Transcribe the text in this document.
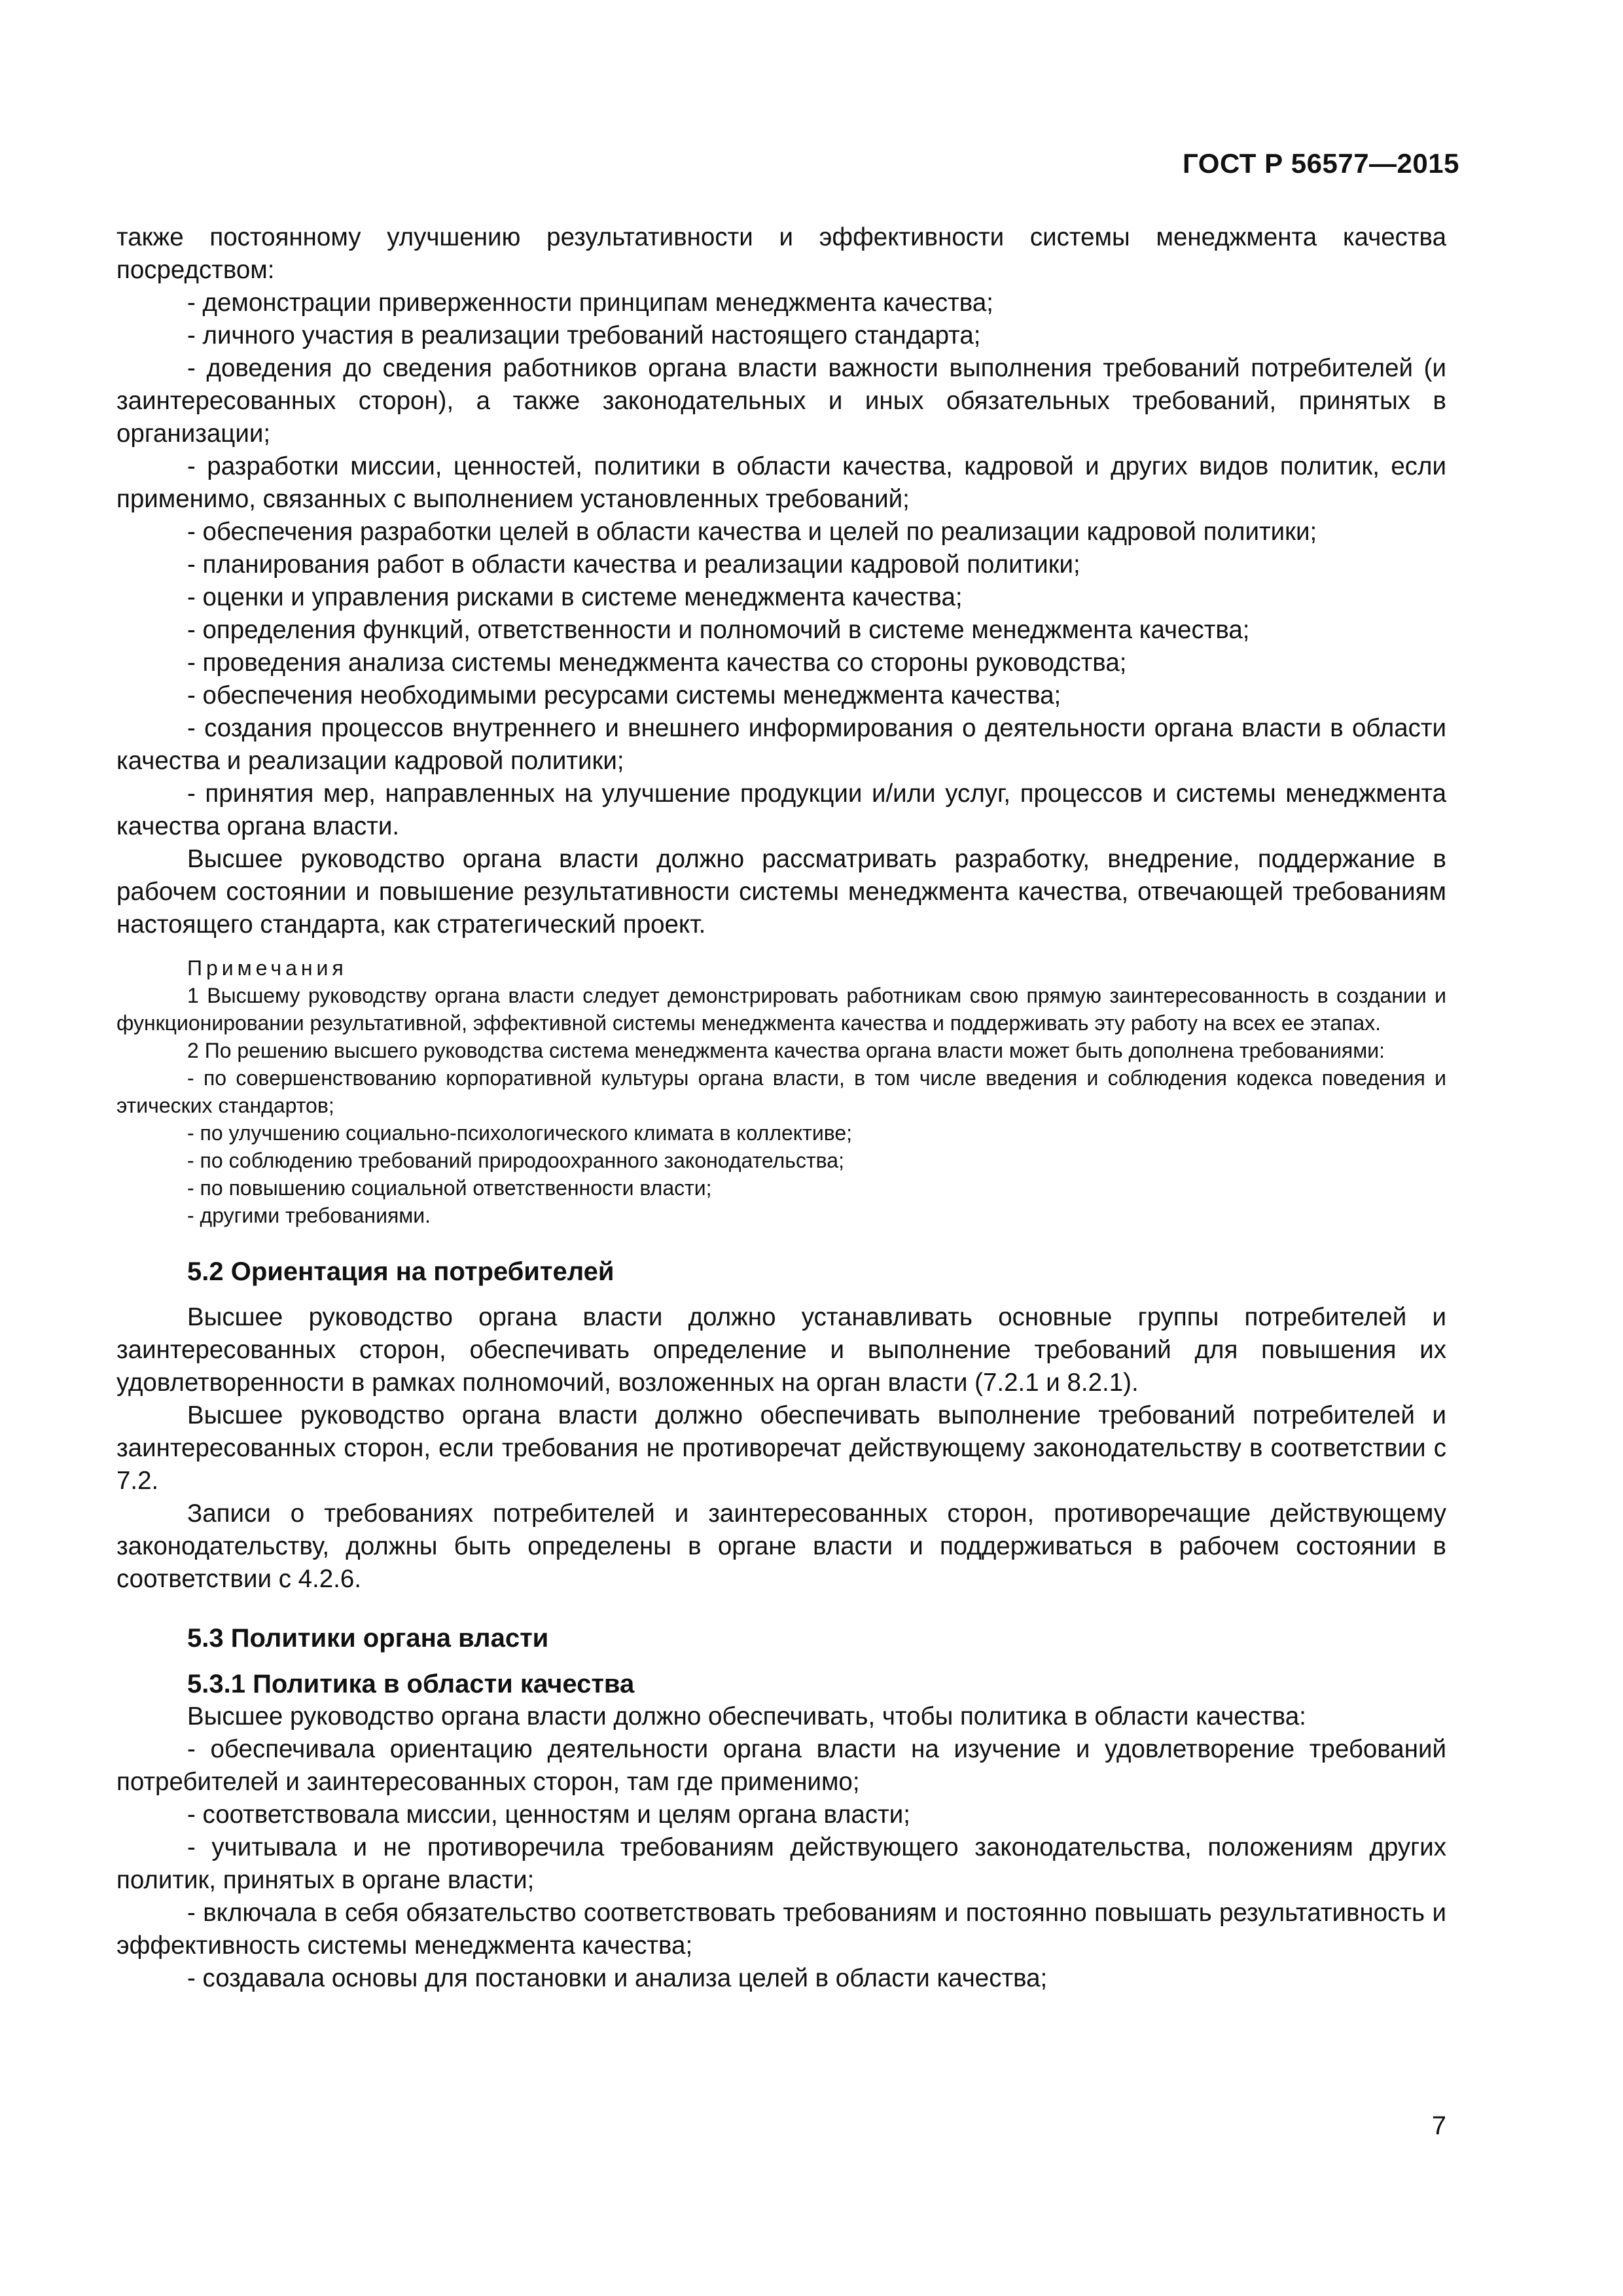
ГОСТ Р 56577—2015

также постоянному улучшению результативности и эффективности системы менеджмента качества посредством:

- демонстрации приверженности принципам менеджмента качества;

- личного участия в реализации требований настоящего стандарта;

- доведения до сведения работников органа власти важности выполнения требований потребителей (и заинтересованных сторон), а также законодательных и иных обязательных требований, принятых в организации;

- разработки миссии, ценностей, политики в области качества, кадровой и других видов политик, если применимо, связанных с выполнением установленных требований;

- обеспечения разработки целей в области качества и целей по реализации кадровой политики;

- планирования работ в области качества и реализации кадровой политики;

- оценки и управления рисками в системе менеджмента качества;

- определения функций, ответственности и полномочий в системе менеджмента качества;

- проведения анализа системы менеджмента качества со стороны руководства;

- обеспечения необходимыми ресурсами системы менеджмента качества;

- создания процессов внутреннего и внешнего информирования о деятельности органа власти в области качества и реализации кадровой политики;

- принятия мер, направленных на улучшение продукции и/или услуг, процессов и системы менеджмента качества органа власти.

Высшее руководство органа власти должно рассматривать разработку, внедрение, поддержание в рабочем состоянии и повышение результативности системы менеджмента качества, отвечающей требованиям настоящего стандарта, как стратегический проект.

Примечания

1 Высшему руководству органа власти следует демонстрировать работникам свою прямую заинтересованность в создании и функционировании результативной, эффективной системы менеджмента качества и поддерживать эту работу на всех ее этапах.

2 По решению высшего руководства система менеджмента качества органа власти может быть дополнена требованиями:

- по совершенствованию корпоративной культуры органа власти, в том числе введения и соблюдения кодекса поведения и этических стандартов;

- по улучшению социально-психологического климата в коллективе;

- по соблюдению требований природоохранного законодательства;

- по повышению социальной ответственности власти;

- другими требованиями.

5.2 Ориентация на потребителей

Высшее руководство органа власти должно устанавливать основные группы потребителей и заинтересованных сторон, обеспечивать определение и выполнение требований для повышения их удовлетворенности в рамках полномочий, возложенных на орган власти (7.2.1 и 8.2.1).

Высшее руководство органа власти должно обеспечивать выполнение требований потребителей и заинтересованных сторон, если требования не противоречат действующему законодательству в соответствии с 7.2.

Записи о требованиях потребителей и заинтересованных сторон, противоречащие действующему законодательству, должны быть определены в органе власти и поддерживаться в рабочем состоянии в соответствии с 4.2.6.

5.3 Политики органа власти
5.3.1 Политика в области качества

Высшее руководство органа власти должно обеспечивать, чтобы политика в области качества:

- обеспечивала ориентацию деятельности органа власти на изучение и удовлетворение требований потребителей и заинтересованных сторон, там где применимо;

- соответствовала миссии, ценностям и целям органа власти;

- учитывала и не противоречила требованиям действующего законодательства, положениям других политик, принятых в органе власти;

- включала в себя обязательство соответствовать требованиям и постоянно повышать результативность и эффективность системы менеджмента качества;

- создавала основы для постановки и анализа целей в области качества;

7
